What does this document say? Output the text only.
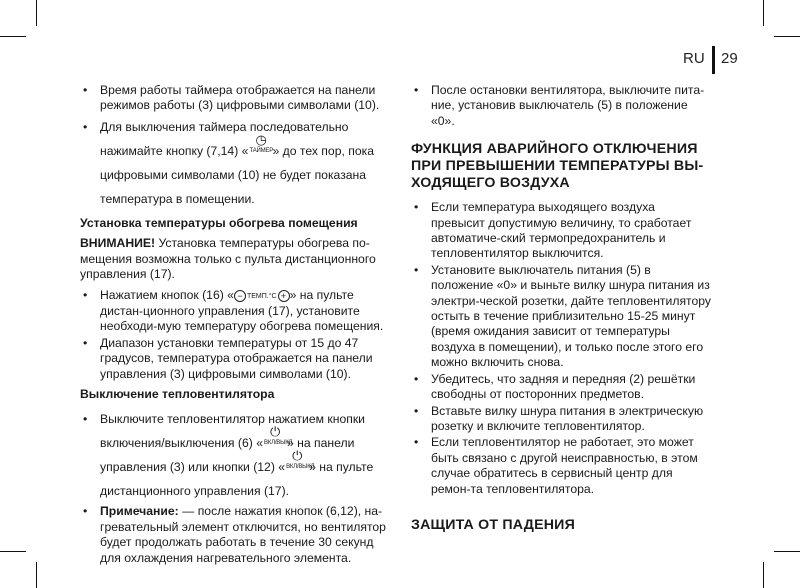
RU 29
• Время работы таймера отображается на панели режимов работы (3) цифровыми символами (10).
• Для выключения таймера последовательно нажимайте кнопку (7,14) «
◷
ТАЙМЕР » до тех пор, пока цифровыми символами (10) не будет показана температура в помещении.

Установка температуры обогрева помещения

ВНИМАНИЕ! Установка температуры обогрева по-мещения возможна только с пульта дистанционного управления (17).

• Нажатием кнопок (16) « − ТЕМП.°С + » на пульте дистан-ционного управления (17), установите необходи-мую температуру обогрева помещения.
• Диапазон установки температуры от 15 до 47 градусов, температура отображается на панели управления (3) цифровыми символами (10).

Выключение тепловентилятора

• Выключите тепловентилятор нажатием кнопки включения/выключения (6) «
⏻
ВКЛ/ВЫКЛ
» на панели управления (3) или кнопки (12) «
⏻
ВКЛ/ВЫКЛ
» на пульте дистанционного управления (17).
• Примечание: — после нажатия кнопок (6,12), на-гревательный элемент отключится, но вентилятор будет продолжать работать в течение 30 секунд для охлаждения нагревательного элемента.
• После остановки вентилятора, выключите пита-ние, установив выключатель (5) в положение «0».
ФУНКЦИЯ АВАРИЙНОГО ОТКЛЮЧЕНИЯ ПРИ ПРЕВЫШЕНИИ ТЕМПЕРАТУРЫ ВЫ-ХОДЯЩЕГО ВОЗДУХА
• Если температура выходящего воздуха превысит допустимую величину, то сработает автоматиче-ский термопредохранитель и тепловентилятор выключится.
• Установите выключатель питания (5) в положение «0» и выньте вилку шнура питания из электри-ческой розетки, дайте тепловентилятору остыть в течение приблизительно 15-25 минут (время ожидания зависит от температуры воздуха в помещении), и только после этого его можно включить снова.
• Убедитесь, что задняя и передняя (2) решётки свободны от посторонних предметов.
• Вставьте вилку шнура питания в электрическую розетку и включите тепловентилятор.
• Если тепловентилятор не работает, это может быть связано с другой неисправностью, в этом случае обратитесь в сервисный центр для ремон-та тепловентилятора.
ЗАЩИТА ОТ ПАДЕНИЯ
